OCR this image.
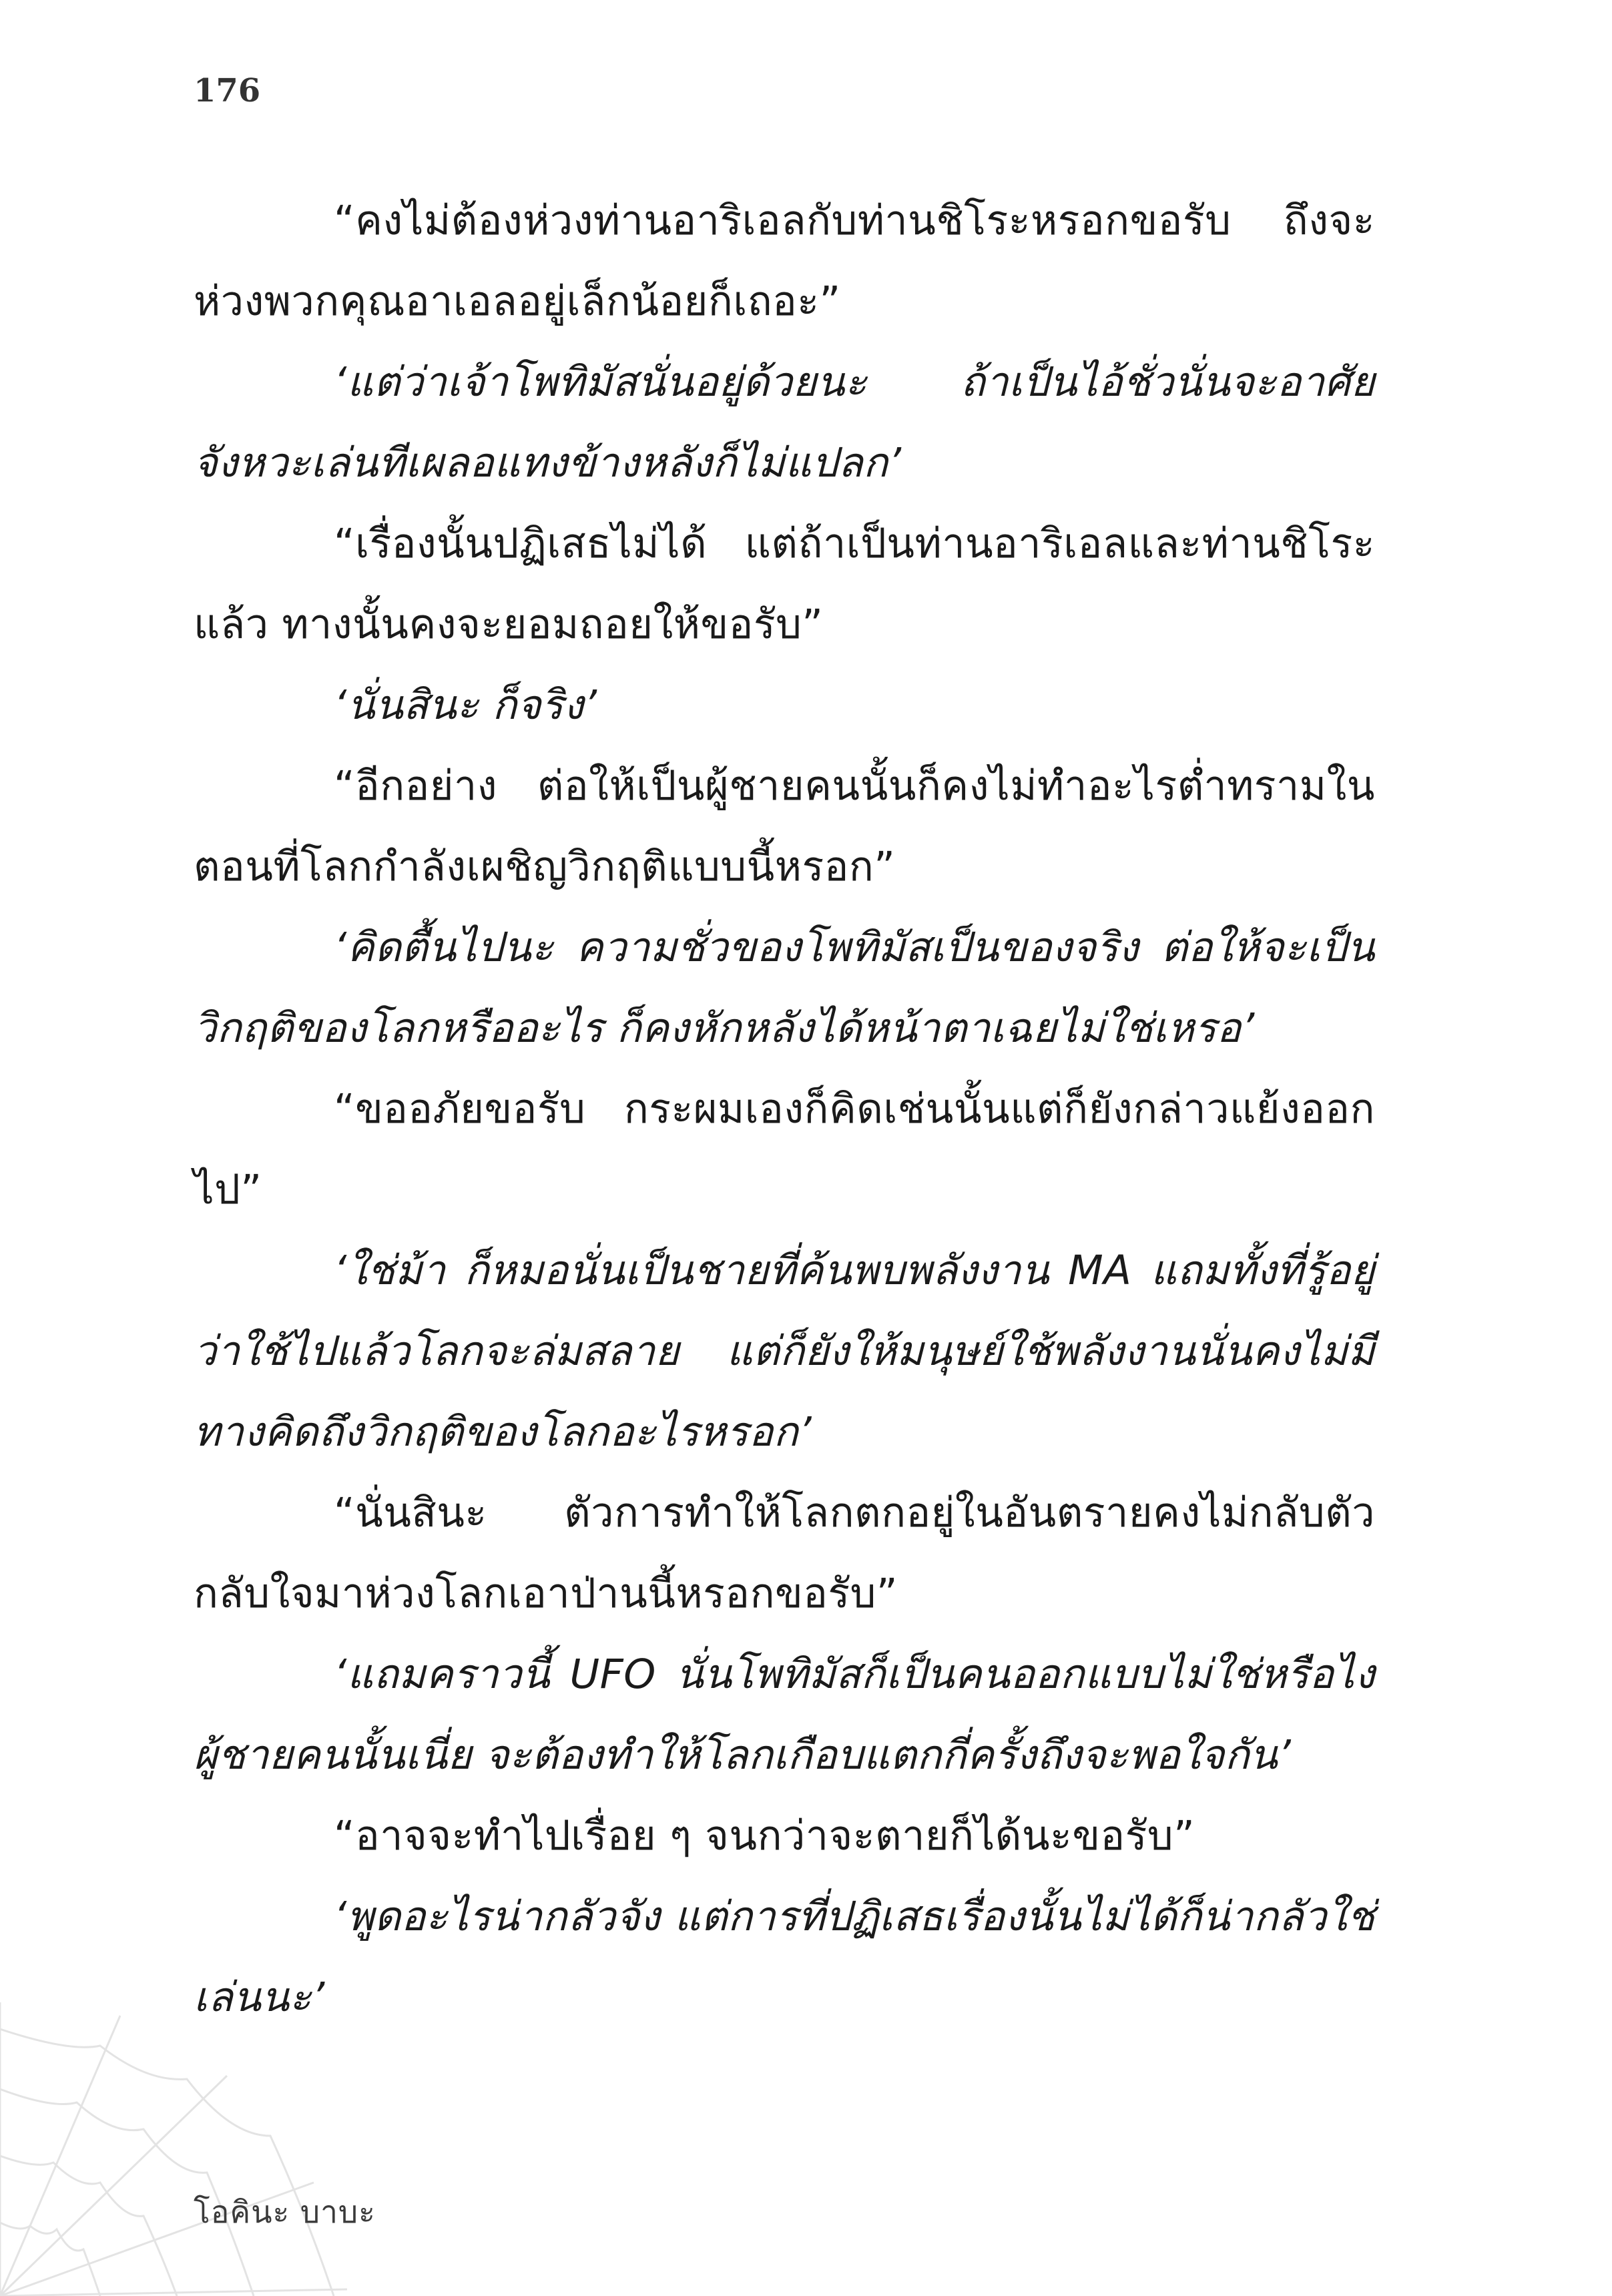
176

“คงไม่ต้องห่วงท่านอาริเอลกับท่านชิโระหรอกขอรับ ถึงจะห่วงพวกคุณอาเอลอยู่เล็กน้อยก็เถอะ”

‘แต่ว่าเจ้าโพทิมัสนั่นอยู่ด้วยนะ ถ้าเป็นไอ้ชั่วนั่นจะอาศัยจังหวะเล่นทีเผลอแทงข้างหลังก็ไม่แปลก’

“เรื่องนั้นปฏิเสธไม่ได้ แต่ถ้าเป็นท่านอาริเอลและท่านชิโระแล้ว ทางนั้นคงจะยอมถอยให้ขอรับ”

‘นั่นสินะ ก็จริง’

“อีกอย่าง ต่อให้เป็นผู้ชายคนนั้นก็คงไม่ทำอะไรต่ำทรามในตอนที่โลกกำลังเผชิญวิกฤติแบบนี้หรอก”

‘คิดตื้นไปนะ ความชั่วของโพทิมัสเป็นของจริง ต่อให้จะเป็นวิกฤติของโลกหรืออะไร ก็คงหักหลังได้หน้าตาเฉยไม่ใช่เหรอ’

“ขออภัยขอรับ กระผมเองก็คิดเช่นนั้นแต่ก็ยังกล่าวแย้งออกไป”

‘ใช่ม้า ก็หมอนั่นเป็นชายที่ค้นพบพลังงาน MA แถมทั้งที่รู้อยู่ว่าใช้ไปแล้วโลกจะล่มสลาย แต่ก็ยังให้มนุษย์ใช้พลังงานนั่นคงไม่มีทางคิดถึงวิกฤติของโลกอะไรหรอก’

“นั่นสินะ ตัวการทำให้โลกตกอยู่ในอันตรายคงไม่กลับตัวกลับใจมาห่วงโลกเอาป่านนี้หรอกขอรับ”

‘แถมคราวนี้ UFO นั่นโพทิมัสก็เป็นคนออกแบบไม่ใช่หรือไงผู้ชายคนนั้นเนี่ย จะต้องทำให้โลกเกือบแตกกี่ครั้งถึงจะพอใจกัน’

“อาจจะทำไปเรื่อย ๆ จนกว่าจะตายก็ได้นะขอรับ”

‘พูดอะไรน่ากลัวจัง แต่การที่ปฏิเสธเรื่องนั้นไม่ได้ก็น่ากลัวใช่เล่นนะ’

โอคินะ บาบะ
